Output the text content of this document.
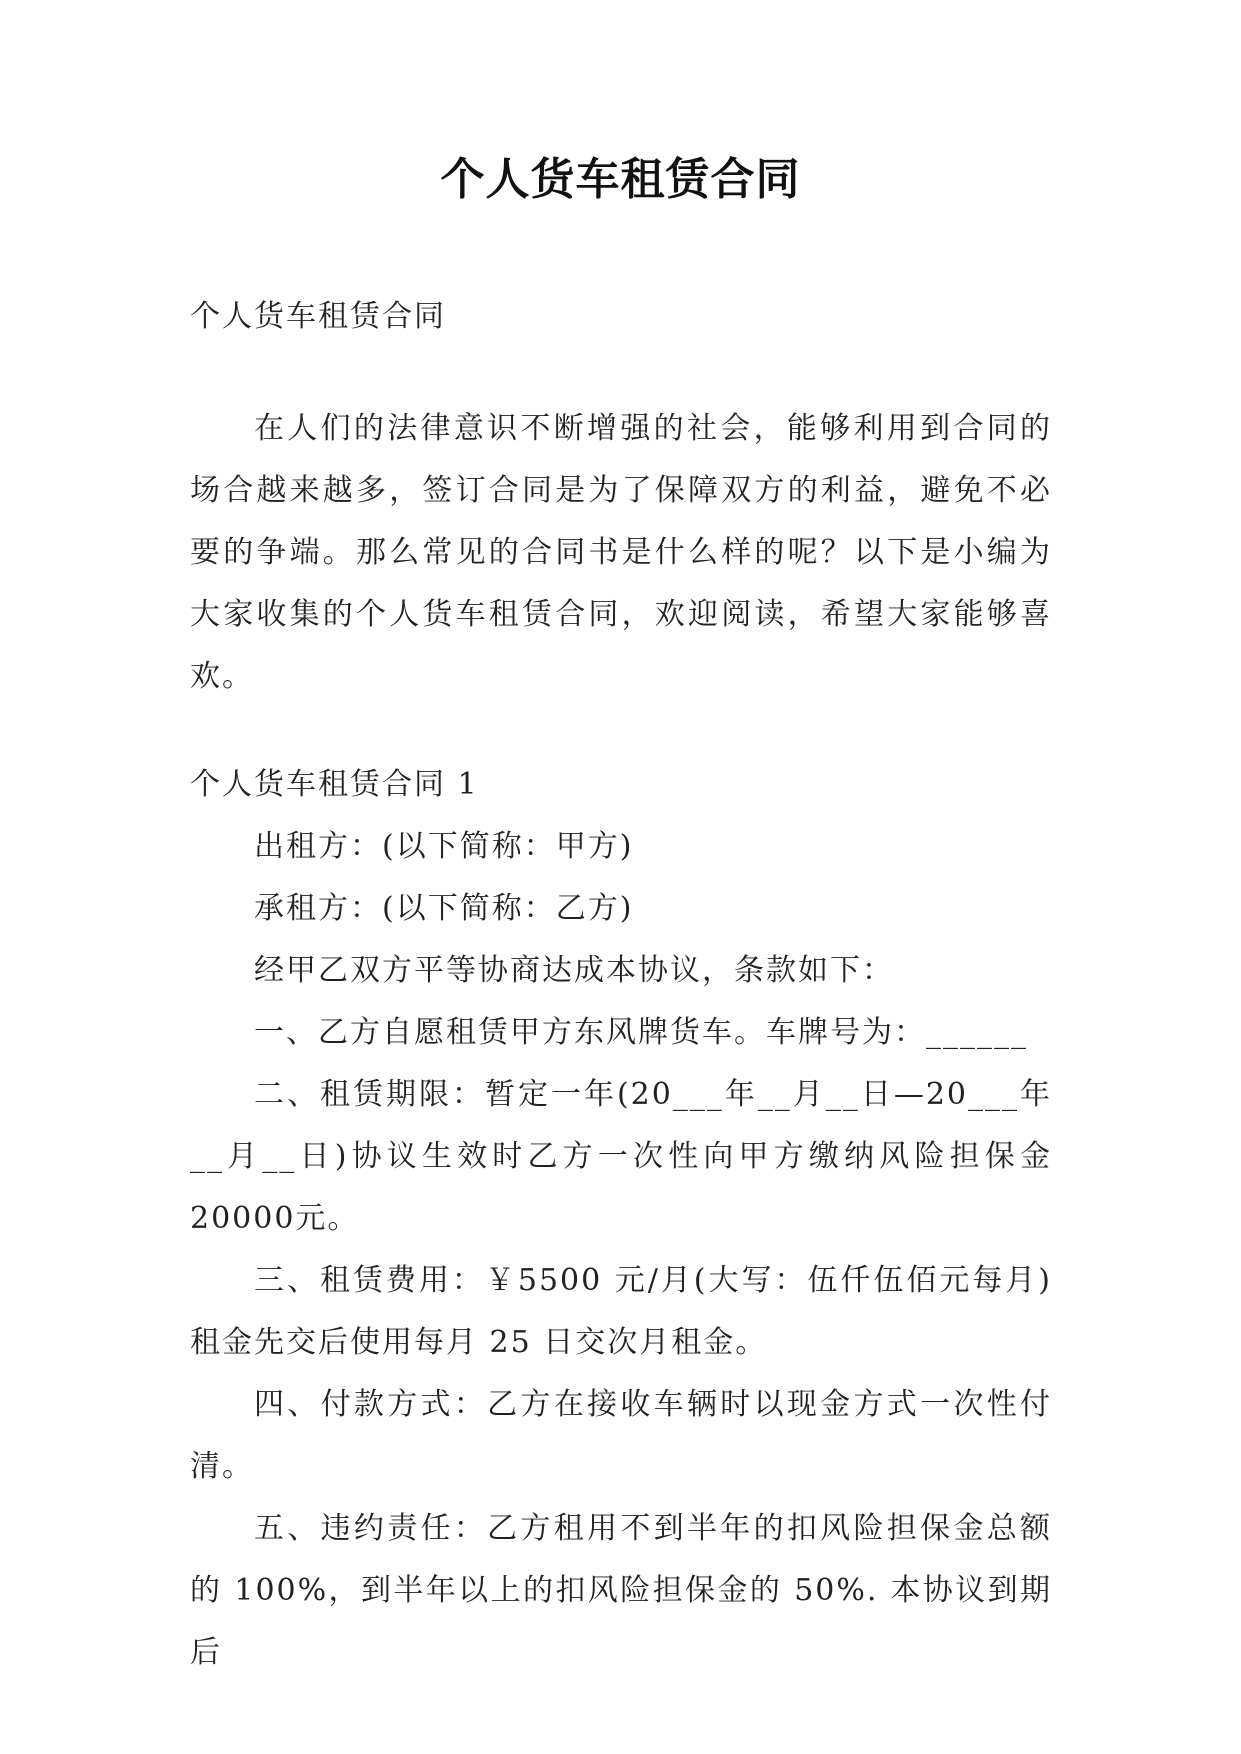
个人货车租赁合同
个人货车租赁合同
在人们的法律意识不断增强的社会，能够利用到合同的场合越来越多，签订合同是为了保障双方的利益，避免不必要的争端。那么常见的合同书是什么样的呢？以下是小编为大家收集的个人货车租赁合同，欢迎阅读，希望大家能够喜欢。

个人货车租赁合同 1

出租方：(以下简称：甲方)

承租方：(以下简称：乙方)

经甲乙双方平等协商达成本协议，条款如下：

一、乙方自愿租赁甲方东风牌货车。车牌号为：______

二、租赁期限：暂定一年(20___年__月__日—20___年__月__日)协议生效时乙方一次性向甲方缴纳风险担保金20000元。

三、租赁费用：￥5500 元/月(大写：伍仟伍佰元每月)租金先交后使用每月 25 日交次月租金。

四、付款方式：乙方在接收车辆时以现金方式一次性付清。

五、违约责任：乙方租用不到半年的扣风险担保金总额的 100%，到半年以上的扣风险担保金的 50%. 本协议到期后
